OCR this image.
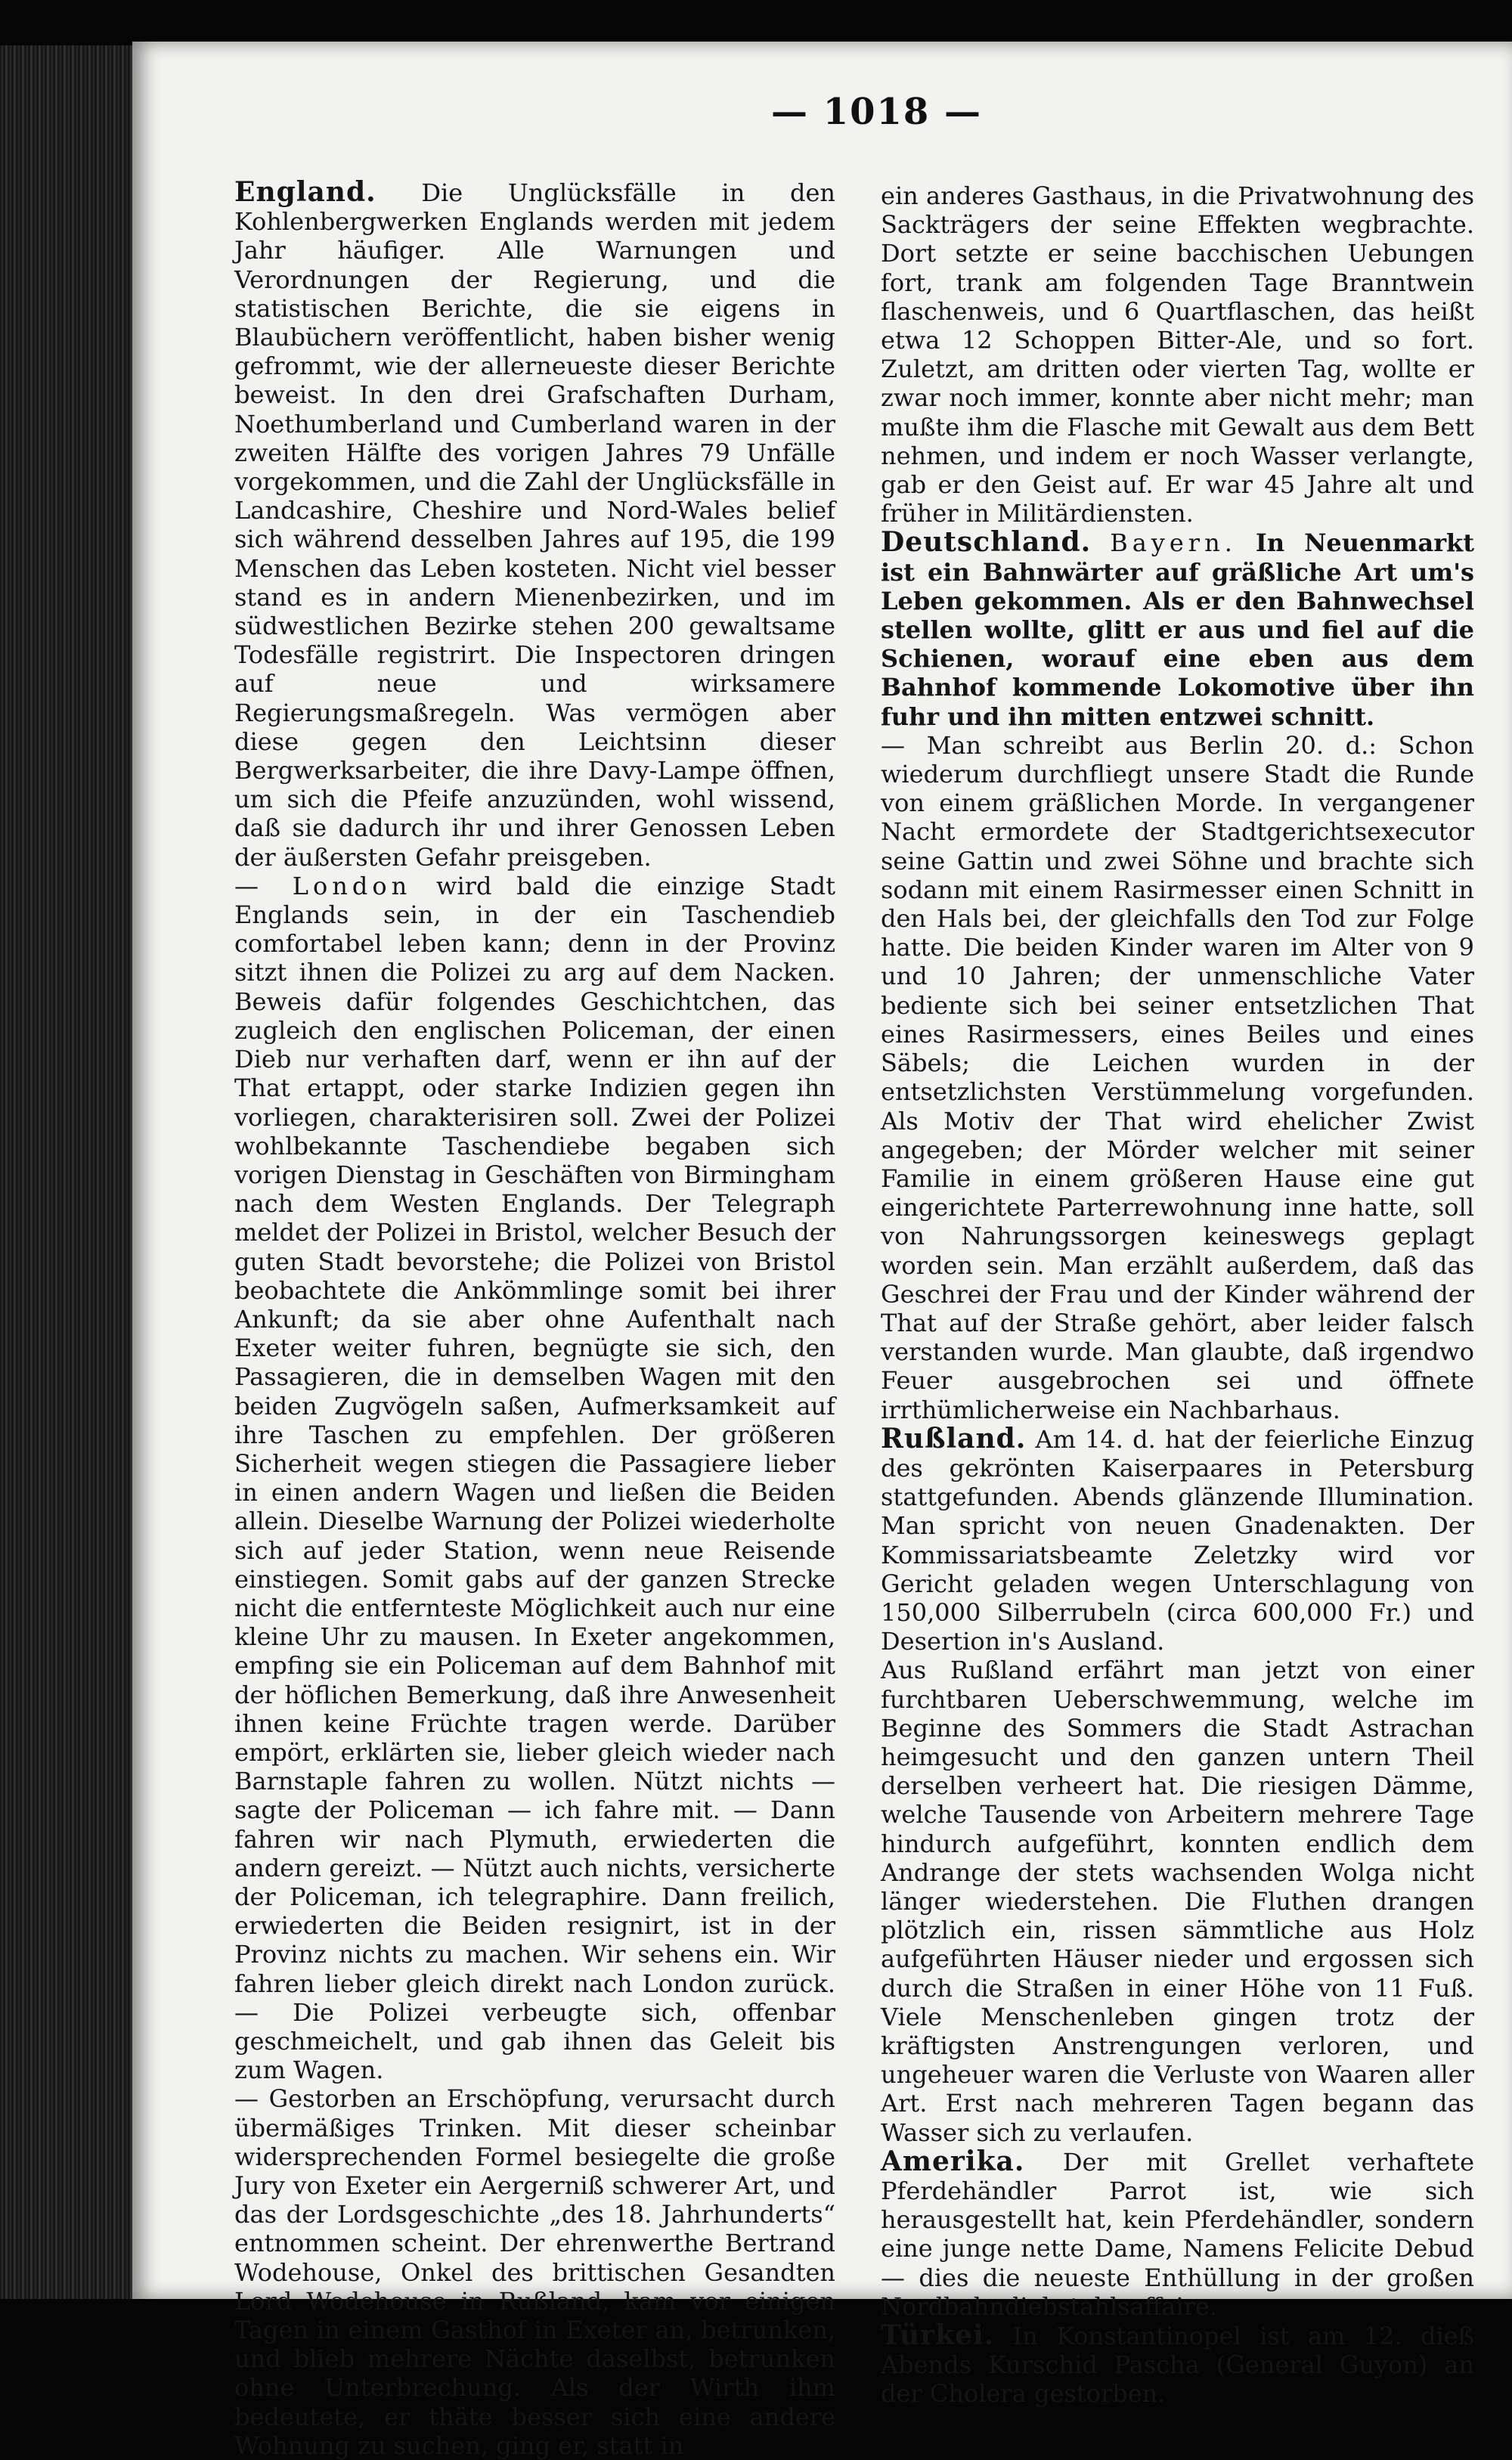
— 1018 —

England. Die Unglücksfälle in den Kohlenbergwerken Englands werden mit jedem Jahr häufiger. Alle Warnungen und Verordnungen der Regierung, und die statistischen Berichte, die sie eigens in Blaubüchern veröffentlicht, haben bisher wenig gefrommt, wie der allerneueste dieser Berichte beweist. In den drei Grafschaften Durham, Noethumberland und Cumberland waren in der zweiten Hälfte des vorigen Jahres 79 Unfälle vorgekommen, und die Zahl der Unglücksfälle in Landcashire, Cheshire und Nord-Wales belief sich während desselben Jahres auf 195, die 199 Menschen das Leben kosteten. Nicht viel besser stand es in andern Mienenbezirken, und im südwestlichen Bezirke stehen 200 gewaltsame Todesfälle registrirt. Die Inspectoren dringen auf neue und wirksamere Regierungsmaßregeln. Was vermögen aber diese gegen den Leichtsinn dieser Bergwerksarbeiter, die ihre Davy-Lampe öffnen, um sich die Pfeife anzuzünden, wohl wissend, daß sie dadurch ihr und ihrer Genossen Leben der äußersten Gefahr preisgeben.

— London wird bald die einzige Stadt Englands sein, in der ein Taschendieb comfortabel leben kann; denn in der Provinz sitzt ihnen die Polizei zu arg auf dem Nacken. Beweis dafür folgendes Geschichtchen, das zugleich den englischen Policeman, der einen Dieb nur verhaften darf, wenn er ihn auf der That ertappt, oder starke Indizien gegen ihn vorliegen, charakterisiren soll. Zwei der Polizei wohlbekannte Taschendiebe begaben sich vorigen Dienstag in Geschäften von Birmingham nach dem Westen Englands. Der Telegraph meldet der Polizei in Bristol, welcher Besuch der guten Stadt bevorstehe; die Polizei von Bristol beobachtete die Ankömmlinge somit bei ihrer Ankunft; da sie aber ohne Aufenthalt nach Exeter weiter fuhren, begnügte sie sich, den Passagieren, die in demselben Wagen mit den beiden Zugvögeln saßen, Aufmerksamkeit auf ihre Taschen zu empfehlen. Der größeren Sicherheit wegen stiegen die Passagiere lieber in einen andern Wagen und ließen die Beiden allein. Dieselbe Warnung der Polizei wiederholte sich auf jeder Station, wenn neue Reisende einstiegen. Somit gabs auf der ganzen Strecke nicht die entfernteste Möglichkeit auch nur eine kleine Uhr zu mausen. In Exeter angekommen, empfing sie ein Policeman auf dem Bahnhof mit der höflichen Bemerkung, daß ihre Anwesenheit ihnen keine Früchte tragen werde. Darüber empört, erklärten sie, lieber gleich wieder nach Barnstaple fahren zu wollen. Nützt nichts — sagte der Policeman — ich fahre mit. — Dann fahren wir nach Plymuth, erwiederten die andern gereizt. — Nützt auch nichts, versicherte der Policeman, ich telegraphire. Dann freilich, erwiederten die Beiden resignirt, ist in der Provinz nichts zu machen. Wir sehens ein. Wir fahren lieber gleich direkt nach London zurück. — Die Polizei verbeugte sich, offenbar geschmeichelt, und gab ihnen das Geleit bis zum Wagen.

— Gestorben an Erschöpfung, verursacht durch übermäßiges Trinken. Mit dieser scheinbar widersprechenden Formel besiegelte die große Jury von Exeter ein Aergerniß schwerer Art, und das der Lordsgeschichte „des 18. Jahrhunderts“ entnommen scheint. Der ehrenwerthe Bertrand Wodehouse, Onkel des brittischen Gesandten Lord Wodehouse in Rußland, kam vor einigen Tagen in einem Gasthof in Exeter an, betrunken, und blieb mehrere Nächte daselbst, betrunken ohne Unterbrechung. Als der Wirth ihm bedeutete, er thäte besser sich eine andere Wohnung zu suchen, ging er, statt in

ein anderes Gasthaus, in die Privatwohnung des Sackträgers der seine Effekten wegbrachte. Dort setzte er seine bacchischen Uebungen fort, trank am folgenden Tage Branntwein flaschenweis, und 6 Quartflaschen, das heißt etwa 12 Schoppen Bitter-Ale, und so fort. Zuletzt, am dritten oder vierten Tag, wollte er zwar noch immer, konnte aber nicht mehr; man mußte ihm die Flasche mit Gewalt aus dem Bett nehmen, und indem er noch Wasser verlangte, gab er den Geist auf. Er war 45 Jahre alt und früher in Militärdiensten.

Deutschland. Bayern. In Neuenmarkt ist ein Bahnwärter auf gräßliche Art um's Leben gekommen. Als er den Bahnwechsel stellen wollte, glitt er aus und fiel auf die Schienen, worauf eine eben aus dem Bahnhof kommende Lokomotive über ihn fuhr und ihn mitten entzwei schnitt.

— Man schreibt aus Berlin 20. d.: Schon wiederum durchfliegt unsere Stadt die Runde von einem gräßlichen Morde. In vergangener Nacht ermordete der Stadtgerichtsexecutor seine Gattin und zwei Söhne und brachte sich sodann mit einem Rasirmesser einen Schnitt in den Hals bei, der gleichfalls den Tod zur Folge hatte. Die beiden Kinder waren im Alter von 9 und 10 Jahren; der unmenschliche Vater bediente sich bei seiner entsetzlichen That eines Rasirmessers, eines Beiles und eines Säbels; die Leichen wurden in der entsetzlichsten Verstümmelung vorgefunden. Als Motiv der That wird ehelicher Zwist angegeben; der Mörder welcher mit seiner Familie in einem größeren Hause eine gut eingerichtete Parterrewohnung inne hatte, soll von Nahrungssorgen keineswegs geplagt worden sein. Man erzählt außerdem, daß das Geschrei der Frau und der Kinder während der That auf der Straße gehört, aber leider falsch verstanden wurde. Man glaubte, daß irgendwo Feuer ausgebrochen sei und öffnete irrthümlicherweise ein Nachbarhaus.

Rußland. Am 14. d. hat der feierliche Einzug des gekrönten Kaiserpaares in Petersburg stattgefunden. Abends glänzende Illumination. Man spricht von neuen Gnadenakten. Der Kommissariatsbeamte Zeletzky wird vor Gericht geladen wegen Unterschlagung von 150,000 Silberrubeln (circa 600,000 Fr.) und Desertion in's Ausland.

Aus Rußland erfährt man jetzt von einer furchtbaren Ueberschwemmung, welche im Beginne des Sommers die Stadt Astrachan heimgesucht und den ganzen untern Theil derselben verheert hat. Die riesigen Dämme, welche Tausende von Arbeitern mehrere Tage hindurch aufgeführt, konnten endlich dem Andrange der stets wachsenden Wolga nicht länger wiederstehen. Die Fluthen drangen plötzlich ein, rissen sämmtliche aus Holz aufgeführten Häuser nieder und ergossen sich durch die Straßen in einer Höhe von 11 Fuß. Viele Menschenleben gingen trotz der kräftigsten Anstrengungen verloren, und ungeheuer waren die Verluste von Waaren aller Art. Erst nach mehreren Tagen begann das Wasser sich zu verlaufen.

Amerika. Der mit Grellet verhaftete Pferdehändler Parrot ist, wie sich herausgestellt hat, kein Pferdehändler, sondern eine junge nette Dame, Namens Felicite Debud — dies die neueste Enthüllung in der großen Nordbahndiebstahlsaffaire.

Türkei. In Konstantinopel ist am 12. dieß Abends Kurschid Pascha (General Guyon) an der Cholera gestorben.
